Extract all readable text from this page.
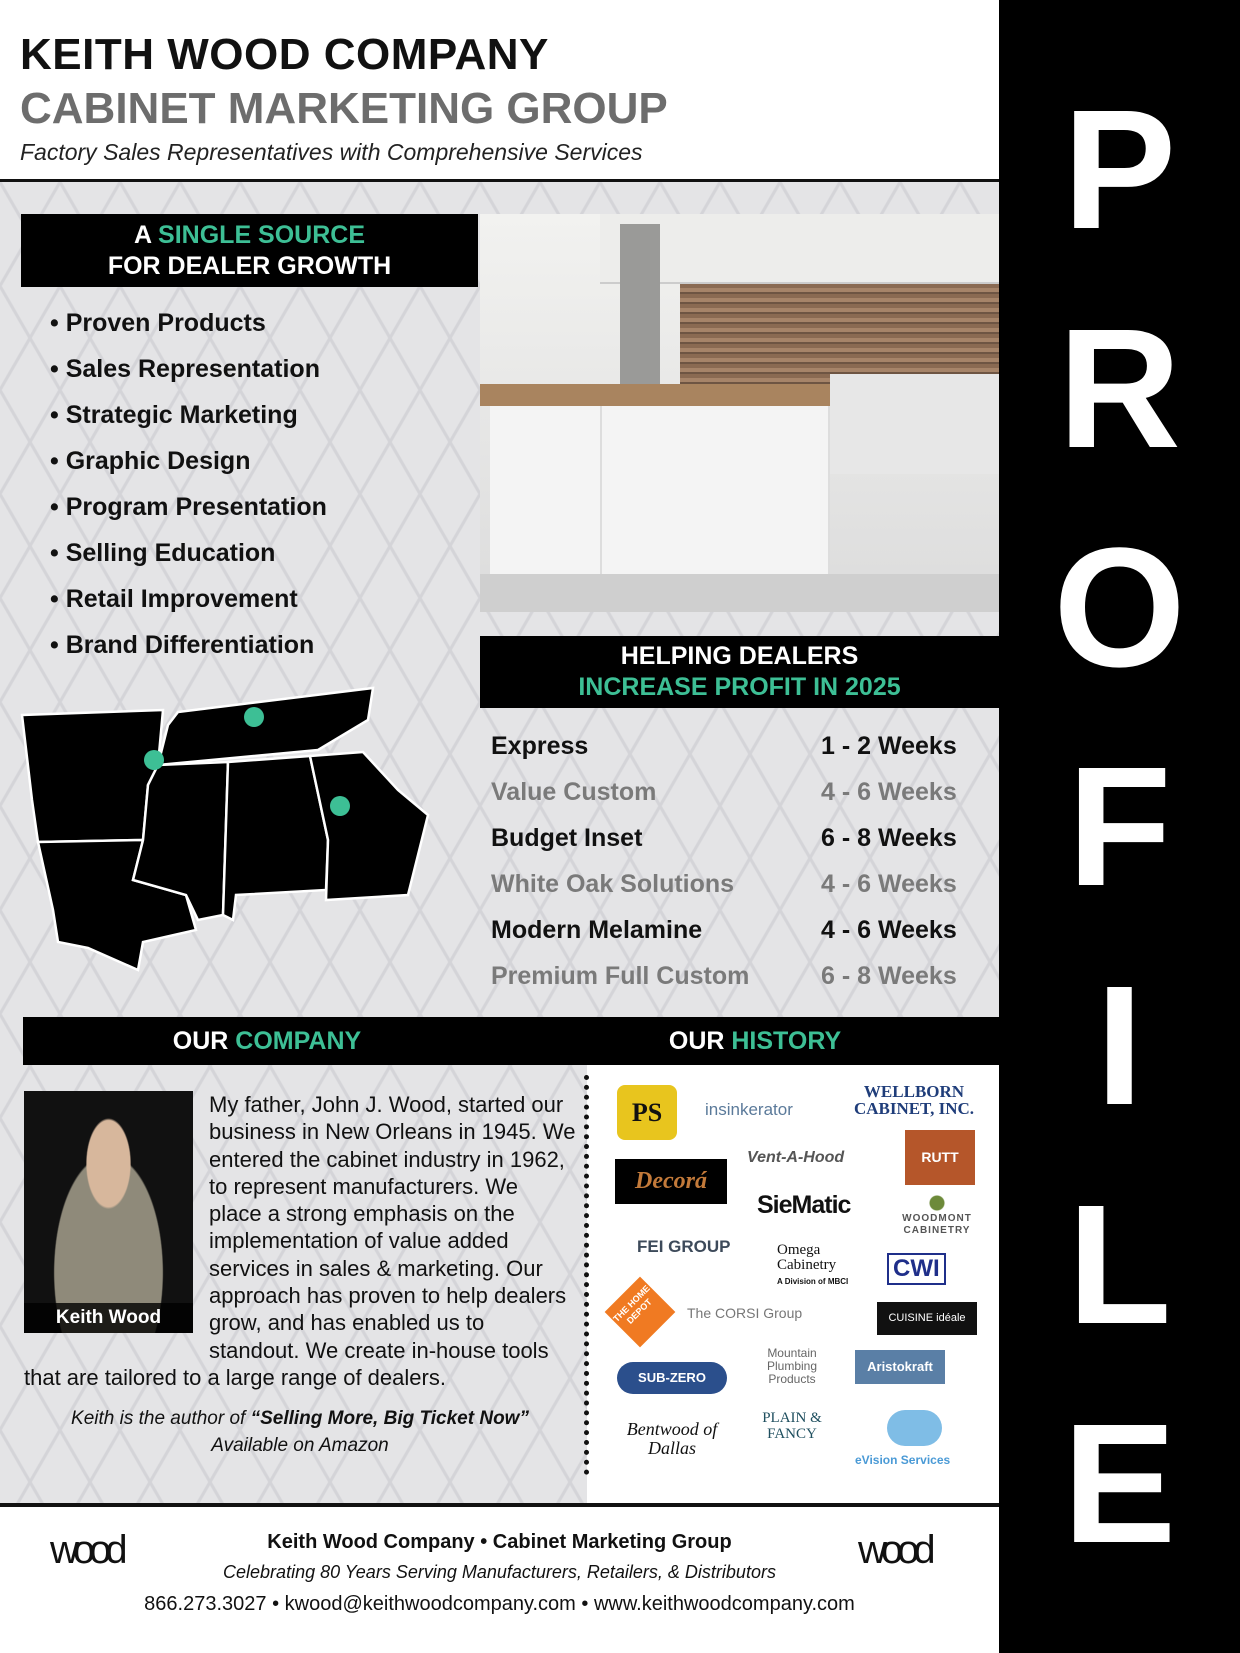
KEITH WOOD COMPANY
CABINET MARKETING GROUP
Factory Sales Representatives with Comprehensive Services P
R
O
F
I
L
E
A SINGLE SOURCE
FOR DEALER GROWTH
• Proven Products
• Sales Representation
• Strategic Marketing
• Graphic Design
• Program Presentation
• Selling Education
• Retail Improvement
• Brand Differentiation	HELPING DEALERS
INCREASE PROFIT IN 2025
Express	1 - 2 Weeks
Value Custom	4 - 6 Weeks
Budget Inset	6 - 8 Weeks
White Oak Solutions	4 - 6 Weeks
Modern Melamine	4 - 6 Weeks
Premium Full Custom	6 - 8 Weeks
OUR COMPANY	OUR HISTORY
Keith Wood
My father, John J. Wood, started our business in New Orleans in 1945. We entered the cabinet industry in 1962, to represent manufacturers. We place a strong emphasis on the implementation of value added services in sales & marketing. Our approach has proven to help dealers grow, and has enabled us to standout. We create in-house tools that are tailored to a large range of dealers.
Keith is the author of “Selling More, Big Ticket Now”
Available on Amazon
PS	insinkerator
WELLBORN CABINET, INC.
Vent-A-Hood	RUTT
Decorá
SieMatic	WOODMONT CABINETRY
FEI GROUP	Omega Cabinetry
A Division of MBCI CWI
THE HOME DEPOT	The CORSI Group	CUISINE idéale
SUB-ZERO
Mountain Plumbing Products
Aristokraft
Bentwood of Dallas
PLAIN & FANCY
eVision Services
wood	wood
Keith Wood Company • Cabinet Marketing Group
Celebrating 80 Years Serving Manufacturers, Retailers, & Distributors
866.273.3027 • kwood@keithwoodcompany.com • www.keithwoodcompany.com
